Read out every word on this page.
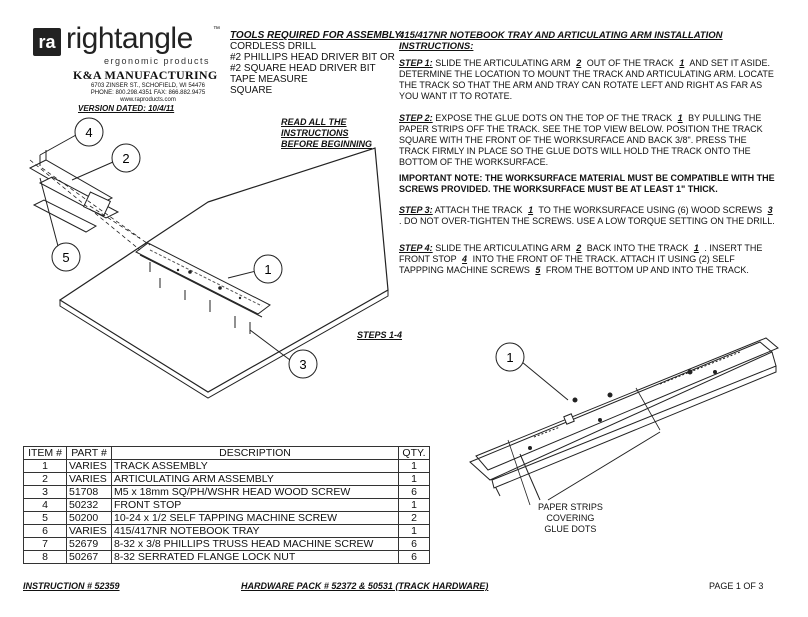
ra rightangle	™
ergonomic products
K&A MANUFACTURING
6703 ZINSER ST., SCHOFIELD, WI 54476
PHONE: 800.298.4351 FAX: 866.882.9475
www.raproducts.com
VERSION DATED: 10/4/11
TOOLS REQUIRED FOR ASSEMBLY:
CORDLESS DRILL
#2 PHILLIPS HEAD DRIVER BIT OR
#2 SQUARE HEAD DRIVER BIT
TAPE MEASURE
SQUARE
READ ALL THE
INSTRUCTIONS
BEFORE BEGINNING
415/417NR NOTEBOOK TRAY AND ARTICULATING ARM INSTALLATION INSTRUCTIONS:
STEP 1: SLIDE THE ARTICULATING ARM 2 OUT OF THE TRACK 1 AND SET IT ASIDE. DETERMINE THE LOCATION TO MOUNT THE TRACK AND ARTICULATING ARM. LOCATE THE TRACK SO THAT THE ARM AND TRAY CAN ROTATE LEFT AND RIGHT AS FAR AS YOU WANT IT TO ROTATE.
STEP 2: EXPOSE THE GLUE DOTS ON THE TOP OF THE TRACK 1 BY PULLING THE PAPER STRIPS OFF THE TRACK. SEE THE TOP VIEW BELOW. POSITION THE TRACK SQUARE WITH THE FRONT OF THE WORKSURFACE AND BACK 3/8". PRESS THE TRACK FIRMLY IN PLACE SO THE GLUE DOTS WILL HOLD THE TRACK ONTO THE BOTTOM OF THE WORKSURFACE.
IMPORTANT NOTE: THE WORKSURFACE MATERIAL MUST BE COMPATIBLE WITH THE SCREWS PROVIDED. THE WORKSURFACE MUST BE AT LEAST 1" THICK.
STEP 3: ATTACH THE TRACK 1 TO THE WORKSURFACE USING (6) WOOD SCREWS 3 . DO NOT OVER-TIGHTEN THE SCREWS. USE A LOW TORQUE SETTING ON THE DRILL.
STEP 4: SLIDE THE ARTICULATING ARM 2 BACK INTO THE TRACK 1 . INSERT THE FRONT STOP 4 INTO THE FRONT OF THE TRACK. ATTACH IT USING (2) SELF TAPPPING MACHINE SCREWS 5 FROM THE BOTTOM UP AND INTO THE TRACK.
4
2
5
1
3	1
PAPER STRIPS
COVERING
GLUE DOTS
STEPS 1-4
ITEM #	PART #	DESCRIPTION	QTY.
1	VARIES	TRACK ASSEMBLY	1
2	VARIES	ARTICULATING ARM ASSEMBLY	1
3	51708	M5 x 18mm SQ/PH/WSHR HEAD WOOD SCREW	6
4	50232	FRONT STOP	1
5	50200	10-24 x 1/2 SELF TAPPING MACHINE SCREW	2
6	VARIES	415/417NR NOTEBOOK TRAY	1
7	52679	8-32 x 3/8 PHILLIPS TRUSS HEAD MACHINE SCREW	6
8	50267	8-32 SERRATED FLANGE LOCK NUT	6
INSTRUCTION # 52359	HARDWARE PACK # 52372 & 50531 (TRACK HARDWARE)	PAGE 1 OF 3
